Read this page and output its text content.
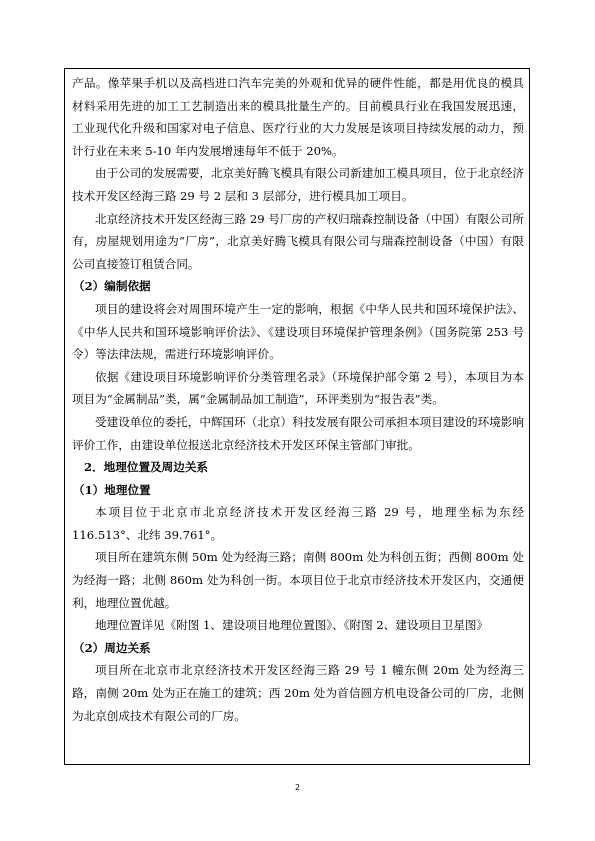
产品。像苹果手机以及高档进口汽车完美的外观和优异的硬件性能，都是用优良的模具材料采用先进的加工工艺制造出来的模具批量生产的。目前模具行业在我国发展迅速，工业现代化升级和国家对电子信息、医疗行业的大力发展是该项目持续发展的动力，预计行业在未来 5-10 年内发展增速每年不低于 20%。

由于公司的发展需要，北京美好腾飞模具有限公司新建加工模具项目，位于北京经济技术开发区经海三路 29 号 2 层和 3 层部分，进行模具加工项目。

北京经济技术开发区经海三路 29 号厂房的产权归瑞森控制设备（中国）有限公司所有，房屋规划用途为“厂房”，北京美好腾飞模具有限公司与瑞森控制设备（中国）有限公司直接签订租赁合同。

（2）编制依据

项目的建设将会对周围环境产生一定的影响，根据《中华人民共和国环境保护法》、《中华人民共和国环境影响评价法》、《建设项目环境保护管理条例》（国务院第 253 号令）等法律法规，需进行环境影响评价。

依据《建设项目环境影响评价分类管理名录》（环境保护部令第 2 号），本项目为本项目为“金属制品”类，属“金属制品加工制造”，环评类别为“报告表”类。

受建设单位的委托，中辉国环（北京）科技发展有限公司承担本项目建设的环境影响评价工作，由建设单位报送北京经济技术开发区环保主管部门审批。

2．地理位置及周边关系

（1）地理位置

本项目位于北京市北京经济技术开发区经海三路 29 号，地理坐标为东经 116.513°、北纬 39.761°。

项目所在建筑东侧 50m 处为经海三路；南侧 800m 处为科创五街；西侧 800m 处为经海一路；北侧 860m 处为科创一街。本项目位于北京市经济技术开发区内，交通便利，地理位置优越。

地理位置详见《附图 1、建设项目地理位置图》、《附图 2、建设项目卫星图》

（2）周边关系

项目所在北京市北京经济技术开发区经海三路 29 号 1 幢东侧 20m 处为经海三路，南侧 20m 处为正在施工的建筑；西 20m 处为首信圆方机电设备公司的厂房，北侧为北京创成技术有限公司的厂房。

2
